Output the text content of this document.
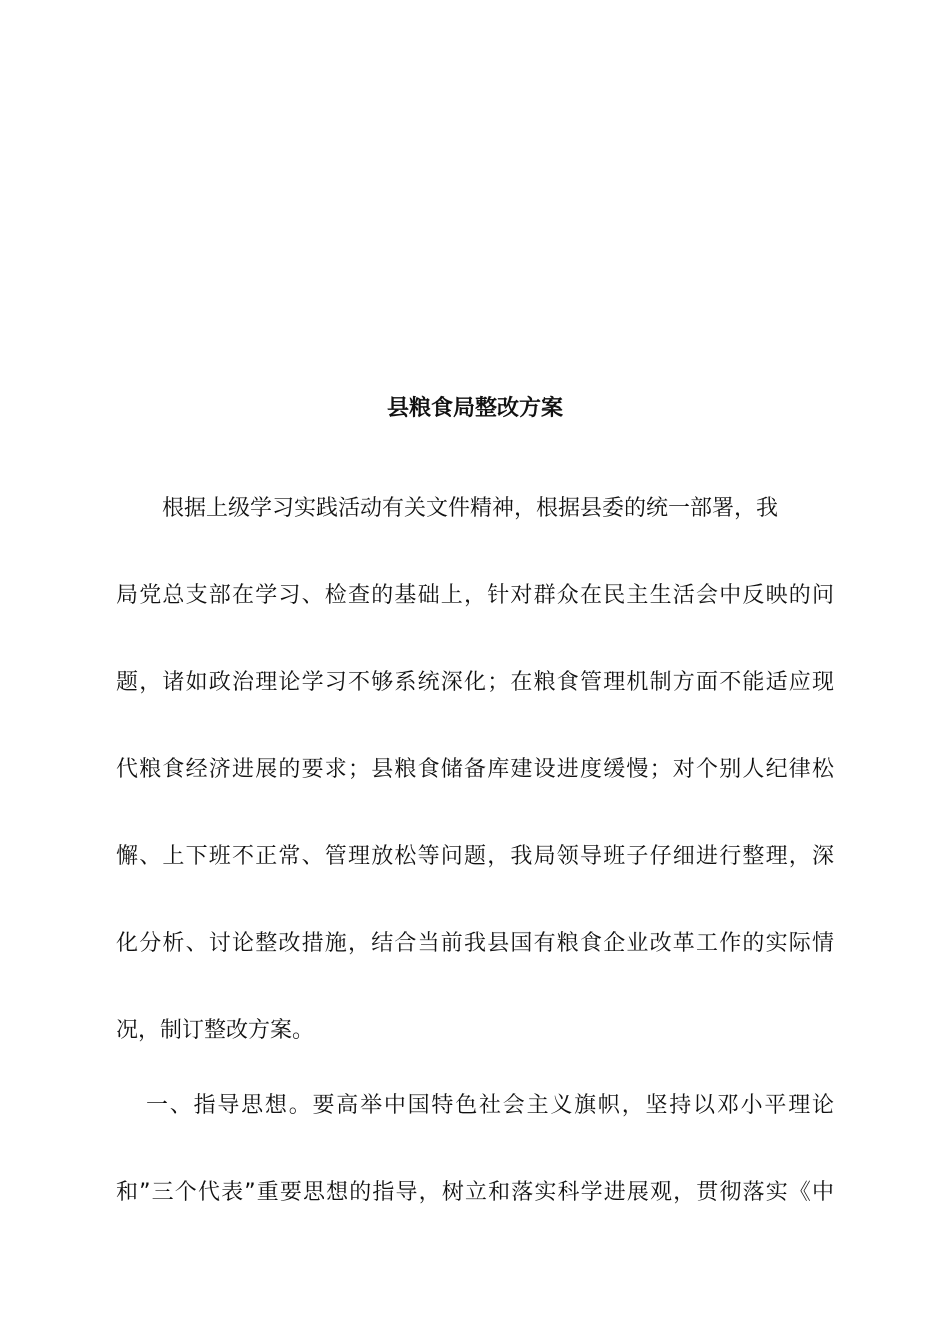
县粮食局整改方案
根据上级学习实践活动有关文件精神，根据县委的统一部署，我
局党总支部在学习、检查的基础上，针对群众在民主生活会中反映的问
题，诸如政治理论学习不够系统深化；在粮食管理机制方面不能适应现
代粮食经济进展的要求；县粮食储备库建设进度缓慢；对个别人纪律松
懈、上下班不正常、管理放松等问题，我局领导班子仔细进行整理，深
化分析、讨论整改措施，结合当前我县国有粮食企业改革工作的实际情
况，制订整改方案。
一、指导思想。要高举中国特色社会主义旗帜，坚持以邓小平理论
和”三个代表”重要思想的指导，树立和落实科学进展观，贯彻落实《中
